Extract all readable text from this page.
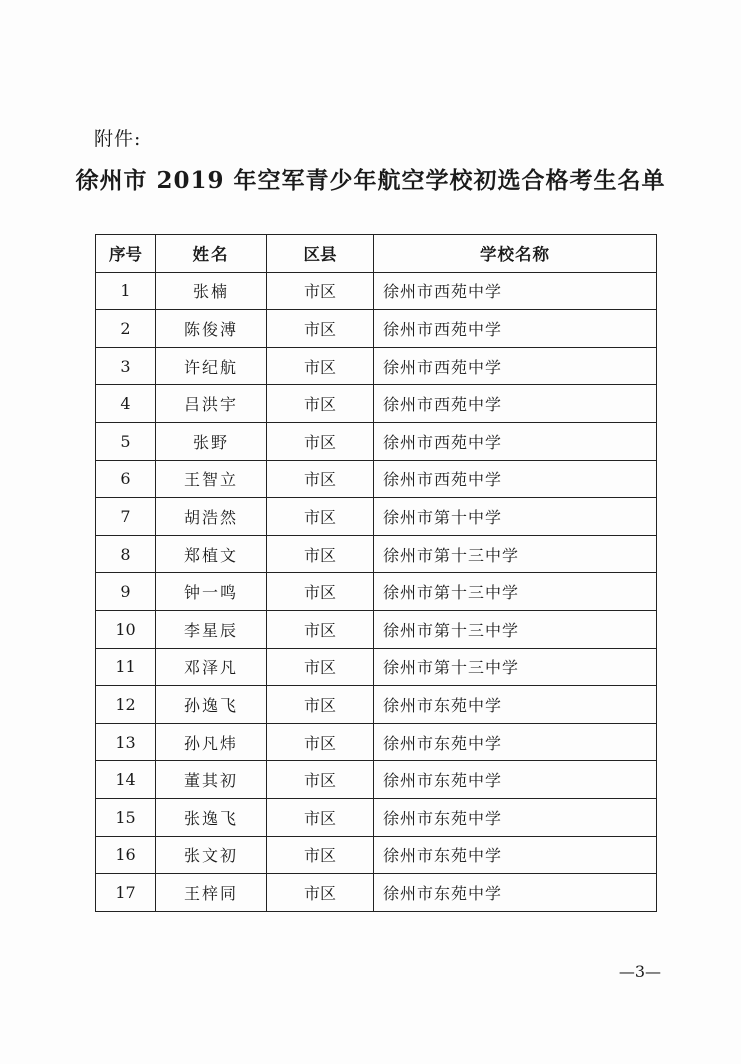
附件:
徐州市 2019 年空军青少年航空学校初选合格考生名单
序号	姓名	区县	学校名称
1	张楠	市区	徐州市西苑中学
2	陈俊溥	市区	徐州市西苑中学
3	许纪航	市区	徐州市西苑中学
4	吕洪宇	市区	徐州市西苑中学
5	张野	市区	徐州市西苑中学
6	王智立	市区	徐州市西苑中学
7	胡浩然	市区	徐州市第十中学
8	郑植文	市区	徐州市第十三中学
9	钟一鸣	市区	徐州市第十三中学
10	李星辰	市区	徐州市第十三中学
11	邓泽凡	市区	徐州市第十三中学
12	孙逸飞	市区	徐州市东苑中学
13	孙凡炜	市区	徐州市东苑中学
14	董其初	市区	徐州市东苑中学
15	张逸飞	市区	徐州市东苑中学
16	张文初	市区	徐州市东苑中学
17	王梓同	市区	徐州市东苑中学
—3—
